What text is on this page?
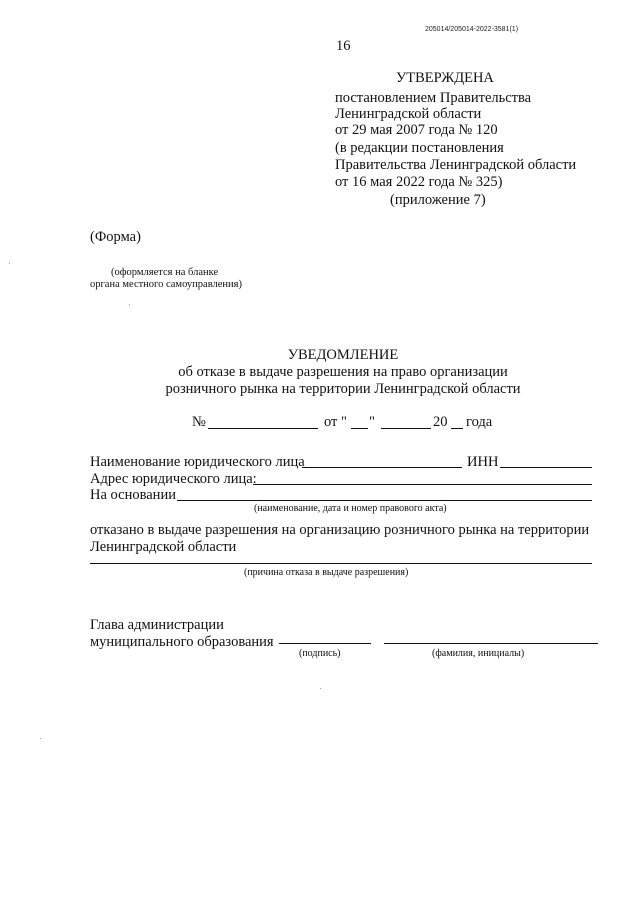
205014/205014-2022-3581(1)
16
УТВЕРЖДЕНА
постановлением Правительства
Ленинградской области
от 29 мая 2007 года № 120
(в редакции постановления
Правительства Ленинградской области
от 16 мая 2022 года № 325)
(приложение 7)
(Форма)
(оформляется на бланке
органа местного самоуправления)
УВЕДОМЛЕНИЕ
об отказе в выдаче разрешения на право организации
розничного рынка на территории Ленинградской области
№	от " "	20 года
Наименование юридического лица	ИНН
Адрес юридического лица:
На основании
(наименование, дата и номер правового акта)
отказано в выдаче разрешения на организацию розничного рынка на территории
Ленинградской области
(причина отказа в выдаче разрешения)
Глава администрации
муниципального образования
(подпись)	(фамилия, инициалы)
